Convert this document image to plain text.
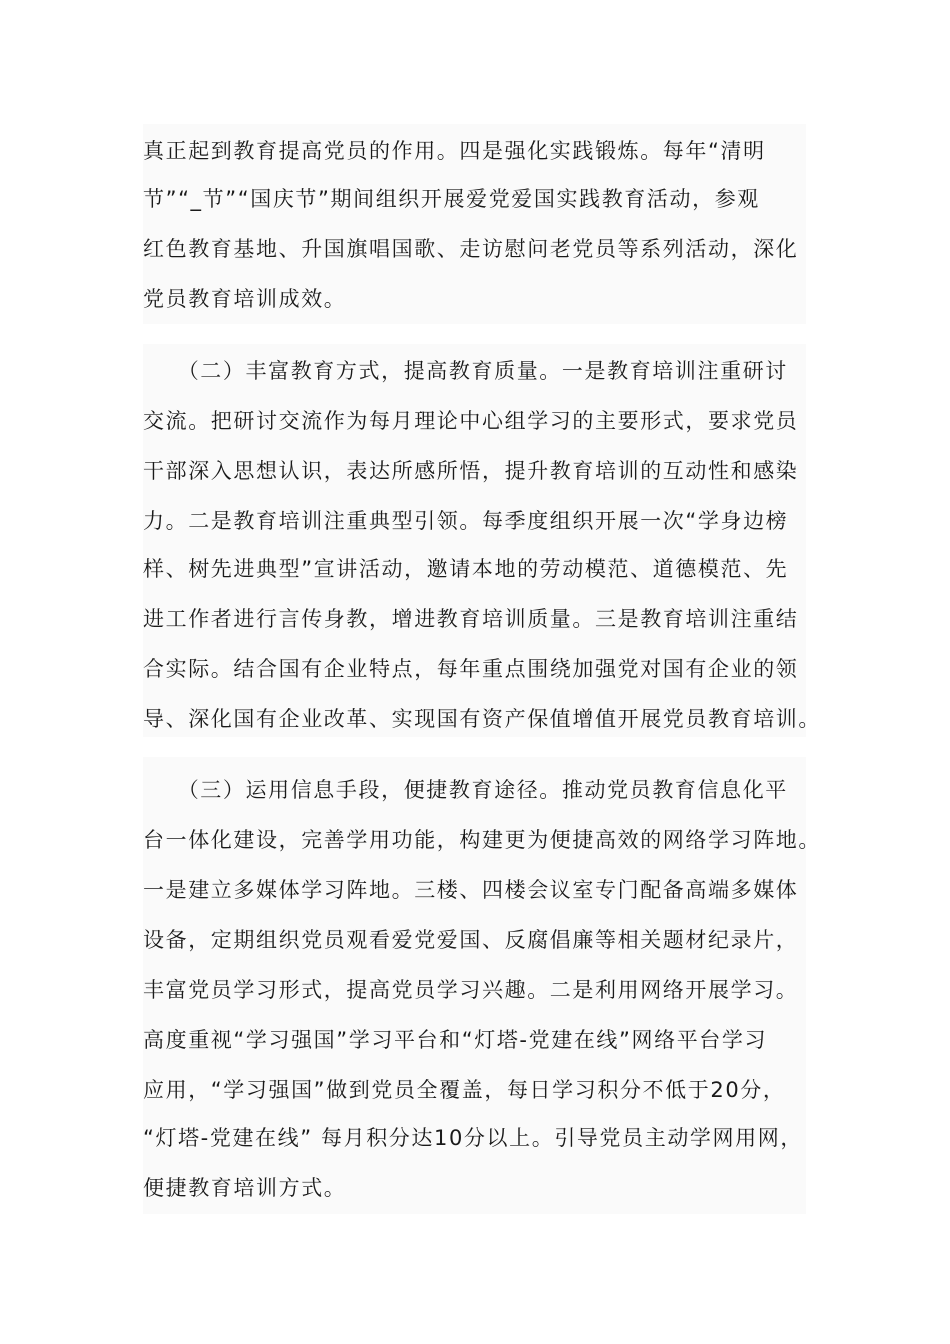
真正起到教育提高党员的作用。四是强化实践锻炼。每年“清明
节”“_节”“国庆节”期间组织开展爱党爱国实践教育活动，参观
红色教育基地、升国旗唱国歌、走访慰问老党员等系列活动，深化
党员教育培训成效。
　　（二）丰富教育方式，提高教育质量。一是教育培训注重研讨
交流。把研讨交流作为每月理论中心组学习的主要形式，要求党员
干部深入思想认识，表达所感所悟，提升教育培训的互动性和感染
力。二是教育培训注重典型引领。每季度组织开展一次“学身边榜
样、树先进典型”宣讲活动，邀请本地的劳动模范、道德模范、先
进工作者进行言传身教，增进教育培训质量。三是教育培训注重结
合实际。结合国有企业特点，每年重点围绕加强党对国有企业的领
导、深化国有企业改革、实现国有资产保值增值开展党员教育培训。
　　（三）运用信息手段，便捷教育途径。推动党员教育信息化平
台一体化建设，完善学用功能，构建更为便捷高效的网络学习阵地。
一是建立多媒体学习阵地。三楼、四楼会议室专门配备高端多媒体
设备，定期组织党员观看爱党爱国、反腐倡廉等相关题材纪录片，
丰富党员学习形式，提高党员学习兴趣。二是利用网络开展学习。
高度重视“学习强国”学习平台和“灯塔-党建在线”网络平台学习
应用，“学习强国”做到党员全覆盖，每日学习积分不低于20分，
“灯塔-党建在线” 每月积分达10分以上。引导党员主动学网用网，
便捷教育培训方式。
